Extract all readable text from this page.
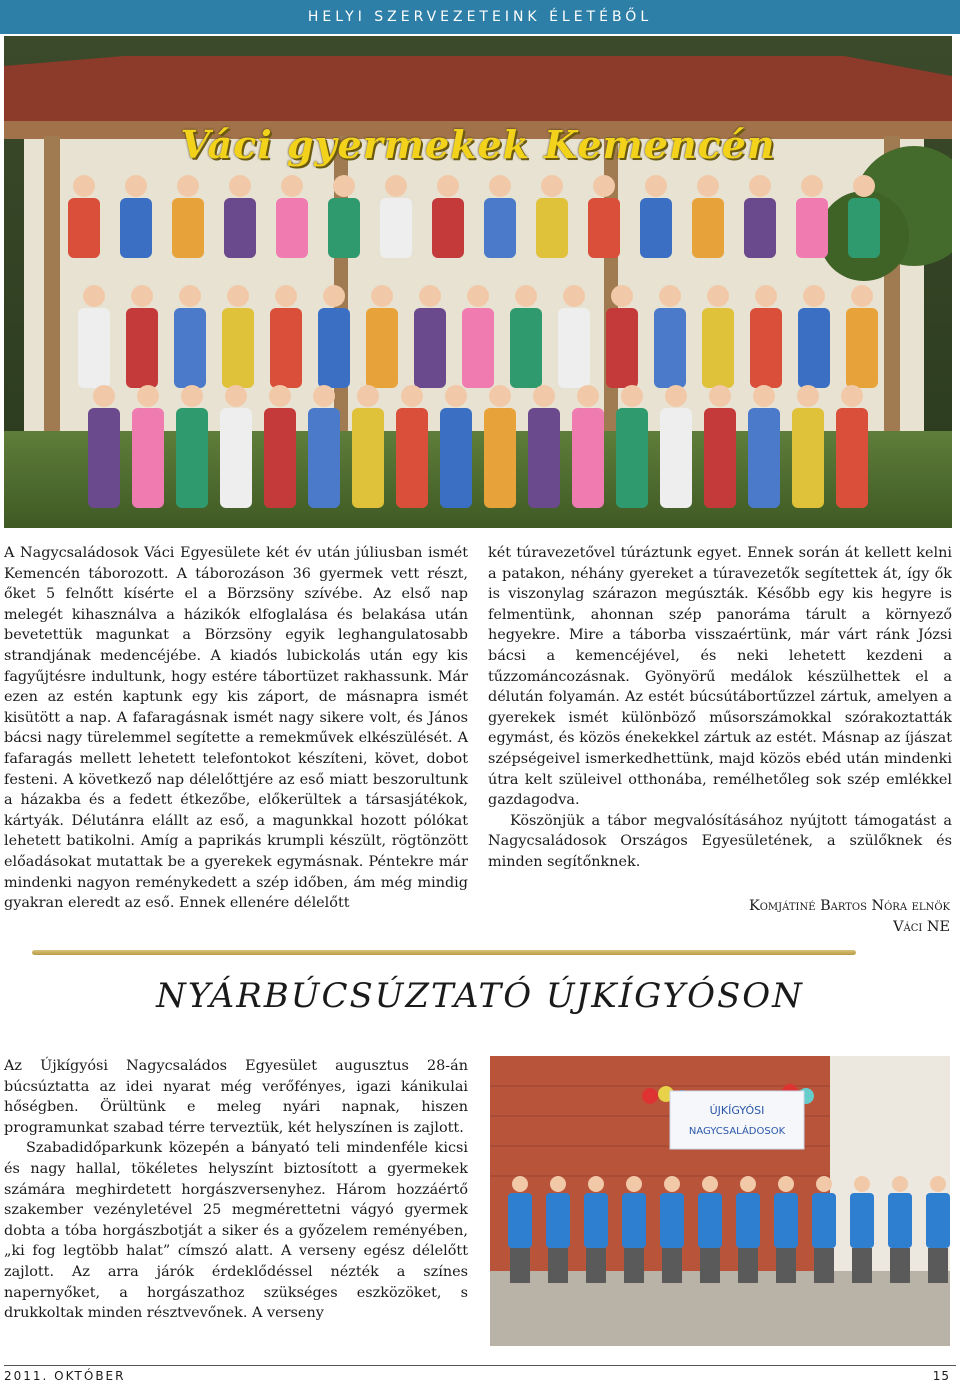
HELYI SZERVEZETEINK ÉLETÉBŐL
Váci gyermekek Kemencén

A Nagycsaládosok Váci Egyesülete két év után júliusban ismét Kemencén táborozott. A táborozáson 36 gyermek vett részt, őket 5 felnőtt kísérte el a Börzsöny szívébe. Az első nap melegét kihasználva a házikók elfoglalása és belakása után bevetettük magunkat a Börzsöny egyik leghangulatosabb strandjának medencéjébe. A kiadós lubickolás után egy kis fagyűjtésre indultunk, hogy estére tábortüzet rakhassunk. Már ezen az estén kaptunk egy kis záport, de másnapra ismét kisütött a nap. A fafaragásnak ismét nagy sikere volt, és János bácsi nagy türelemmel segítette a remekművek elkészülését. A fafaragás mellett lehetett telefontokot készíteni, követ, dobot festeni. A következő nap délelőttjére az eső miatt beszorultunk a házakba és a fedett étkezőbe, előkerültek a társasjátékok, kártyák. Délutánra elállt az eső, a magunkkal hozott pólókat lehetett batikolni. Amíg a paprikás krumpli készült, rögtönzött előadásokat mutattak be a gyerekek egymásnak. Péntekre már mindenki nagyon reménykedett a szép időben, ám még mindig gyakran eleredt az eső. Ennek ellenére délelőtt

két túravezetővel túráztunk egyet. Ennek során át kellett kelni a patakon, néhány gyereket a túravezetők segítettek át, így ők is viszonylag szárazon megúszták. Később egy kis hegyre is felmentünk, ahonnan szép panoráma tárult a környező hegyekre. Mire a táborba visszaértünk, már várt ránk Józsi bácsi a kemencéjével, és neki lehetett kezdeni a tűzzománcozásnak. Gyönyörű medálok készülhettek el a délután folyamán. Az estét búcsútábortűzzel zártuk, amelyen a gyerekek ismét különböző műsorszámokkal szórakoztatták egymást, és közös énekekkel zártuk az estét. Másnap az íjászat szépségeivel ismerkedhettünk, majd közös ebéd után mindenki útra kelt szüleivel otthonába, remélhetőleg sok szép emlékkel gazdagodva.

Köszönjük a tábor megvalósításához nyújtott támogatást a Nagycsaládosok Országos Egyesületének, a szülőknek és minden segítőnknek.

Komjátiné Bartos Nóra elnök
Váci NE
NYÁRBÚCSÚZTATÓ ÚJKÍGYÓSON

Az Újkígyósi Nagycsaládos Egyesület augusztus 28-án búcsúztatta az idei nyarat még verőfényes, igazi kánikulai hőségben. Örültünk e meleg nyári napnak, hiszen programunkat szabad térre terveztük, két helyszínen is zajlott.

Szabadidőparkunk közepén a bányató teli mindenféle kicsi és nagy hallal, tökéletes helyszínt biztosított a gyermekek számára meghirdetett horgászversenyhez. Három hozzáértő szakember vezényletével 25 megmérettetni vágyó gyermek dobta a tóba horgászbotját a siker és a győzelem reményében, „ki fog legtöbb halat” címszó alatt. A verseny egész délelőtt zajlott. Az arra járók érdeklődéssel nézték a színes napernyőket, a horgászathoz szükséges eszközöket, s drukkoltak minden résztvevőnek. A verseny

ÚJKÍGYÓSI
NAGYCSALÁDOSOK
2011. OKTÓBER	15
